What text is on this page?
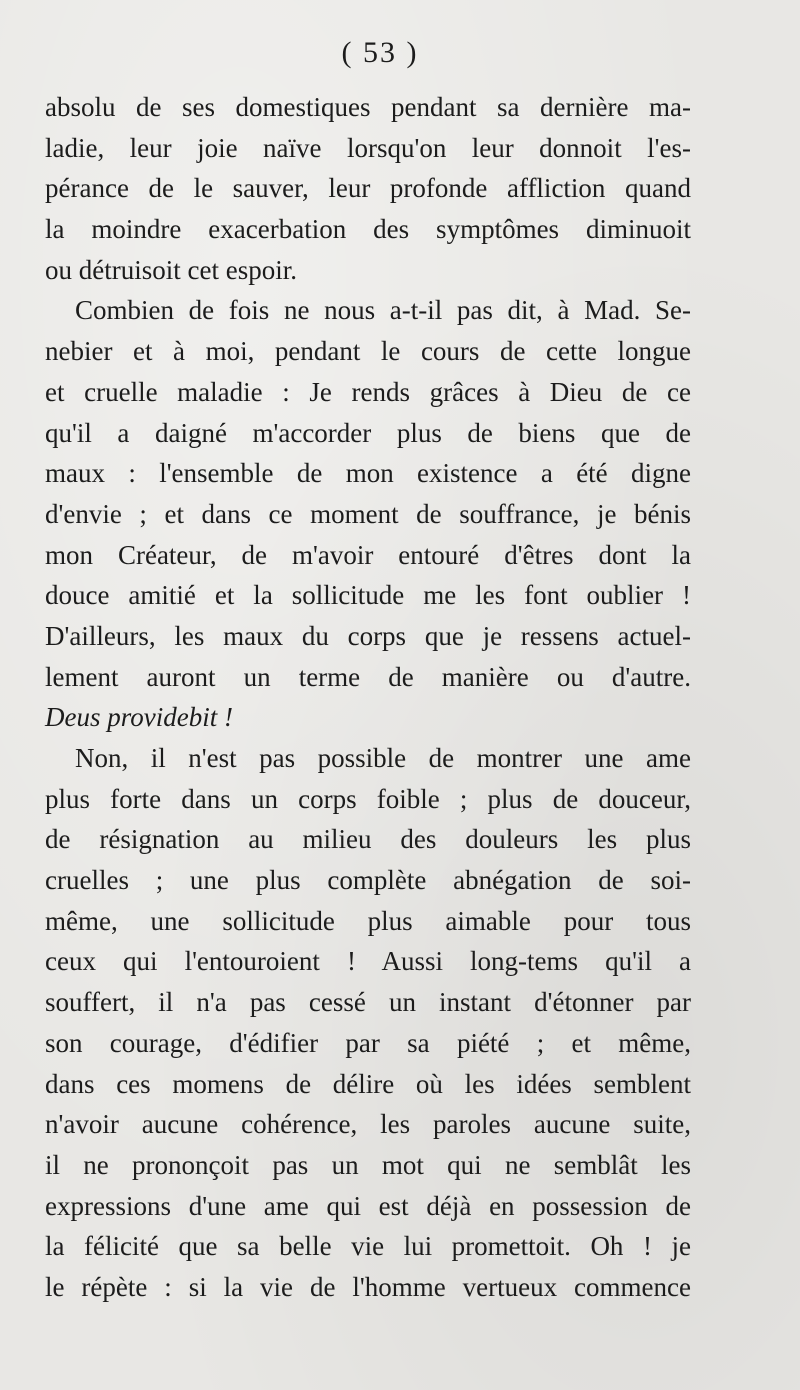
( 53 )
absolu de ses domestiques pendant sa dernière ma-
ladie, leur joie naïve lorsqu'on leur donnoit l'es-
pérance de le sauver, leur profonde affliction quand
la moindre exacerbation des symptômes diminuoit
ou détruisoit cet espoir.
Combien de fois ne nous a-t-il pas dit, à Mad. Se-
nebier et à moi, pendant le cours de cette longue
et cruelle maladie : Je rends grâces à Dieu de ce
qu'il a daigné m'accorder plus de biens que de
maux : l'ensemble de mon existence a été digne
d'envie ; et dans ce moment de souffrance, je bénis
mon Créateur, de m'avoir entouré d'êtres dont la
douce amitié et la sollicitude me les font oublier !
D'ailleurs, les maux du corps que je ressens actuel-
lement auront un terme de manière ou d'autre.
Deus providebit !
Non, il n'est pas possible de montrer une ame
plus forte dans un corps foible ; plus de douceur,
de résignation au milieu des douleurs les plus
cruelles ; une plus complète abnégation de soi-
même, une sollicitude plus aimable pour tous
ceux qui l'entouroient ! Aussi long-tems qu'il a
souffert, il n'a pas cessé un instant d'étonner par
son courage, d'édifier par sa piété ; et même,
dans ces momens de délire où les idées semblent
n'avoir aucune cohérence, les paroles aucune suite,
il ne prononçoit pas un mot qui ne semblât les
expressions d'une ame qui est déjà en possession de
la félicité que sa belle vie lui promettoit. Oh ! je
le répète : si la vie de l'homme vertueux commence
